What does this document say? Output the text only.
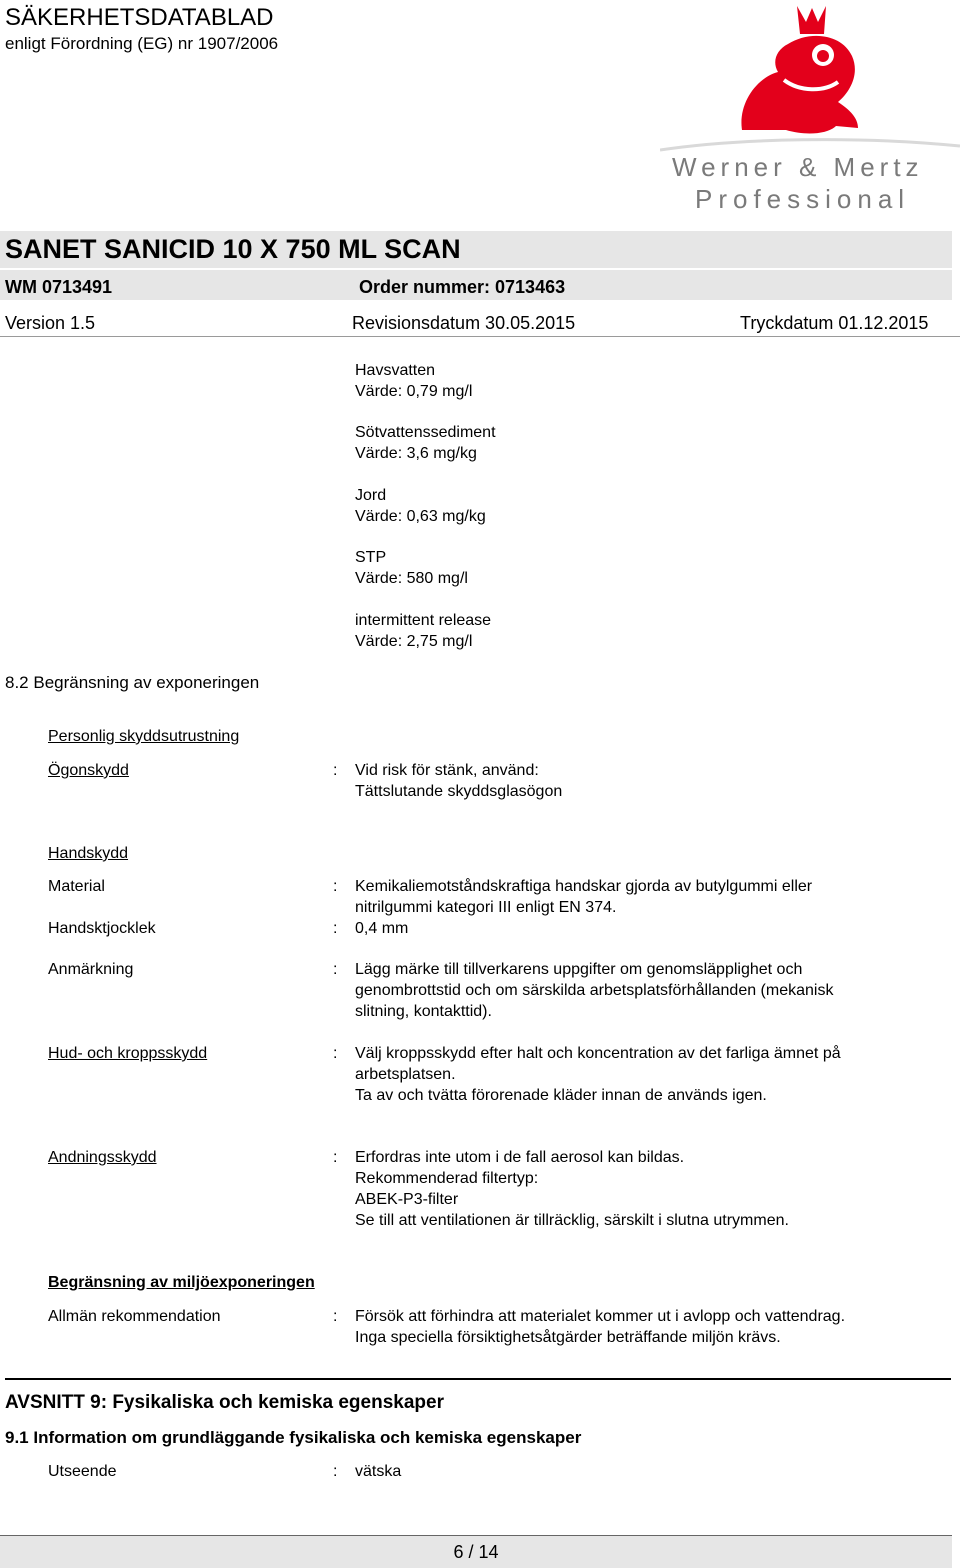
SÄKERHETSDATABLAD
enligt Förordning (EG) nr 1907/2006
Werner & Mertz
Professional
SANET SANICID 10 X 750 ML SCAN
WM 0713491	Order nummer: 0713463
Version 1.5	Revisionsdatum 30.05.2015	Tryckdatum 01.12.2015
Havsvatten
Värde: 0,79 mg/l
Sötvattenssediment
Värde: 3,6 mg/kg
Jord
Värde: 0,63 mg/kg
STP
Värde: 580 mg/l
intermittent release
Värde: 2,75 mg/l
8.2 Begränsning av exponeringen
Personlig skyddsutrustning
Ögonskydd	: Vid risk för stänk, använd:
Tättslutande skyddsglasögon
Handskydd
Material	: Kemikaliemotståndskraftiga handskar gjorda av butylgummi eller
nitrilgummi kategori III enligt EN 374.
Handsktjocklek	: 0,4 mm
Anmärkning	: Lägg märke till tillverkarens uppgifter om genomsläpplighet och
genombrottstid och om särskilda arbetsplatsförhållanden (mekanisk
slitning, kontakttid).
Hud- och kroppsskydd	: Välj kroppsskydd efter halt och koncentration av det farliga ämnet på
arbetsplatsen.
Ta av och tvätta förorenade kläder innan de används igen.
Andningsskydd	: Erfordras inte utom i de fall aerosol kan bildas.
Rekommenderad filtertyp:
ABEK-P3-filter
Se till att ventilationen är tillräcklig, särskilt i slutna utrymmen.
Begränsning av miljöexponeringen
Allmän rekommendation	: Försök att förhindra att materialet kommer ut i avlopp och vattendrag.
Inga speciella försiktighetsåtgärder beträffande miljön krävs.
AVSNITT 9: Fysikaliska och kemiska egenskaper
9.1 Information om grundläggande fysikaliska och kemiska egenskaper
Utseende	: vätska
6 / 14
